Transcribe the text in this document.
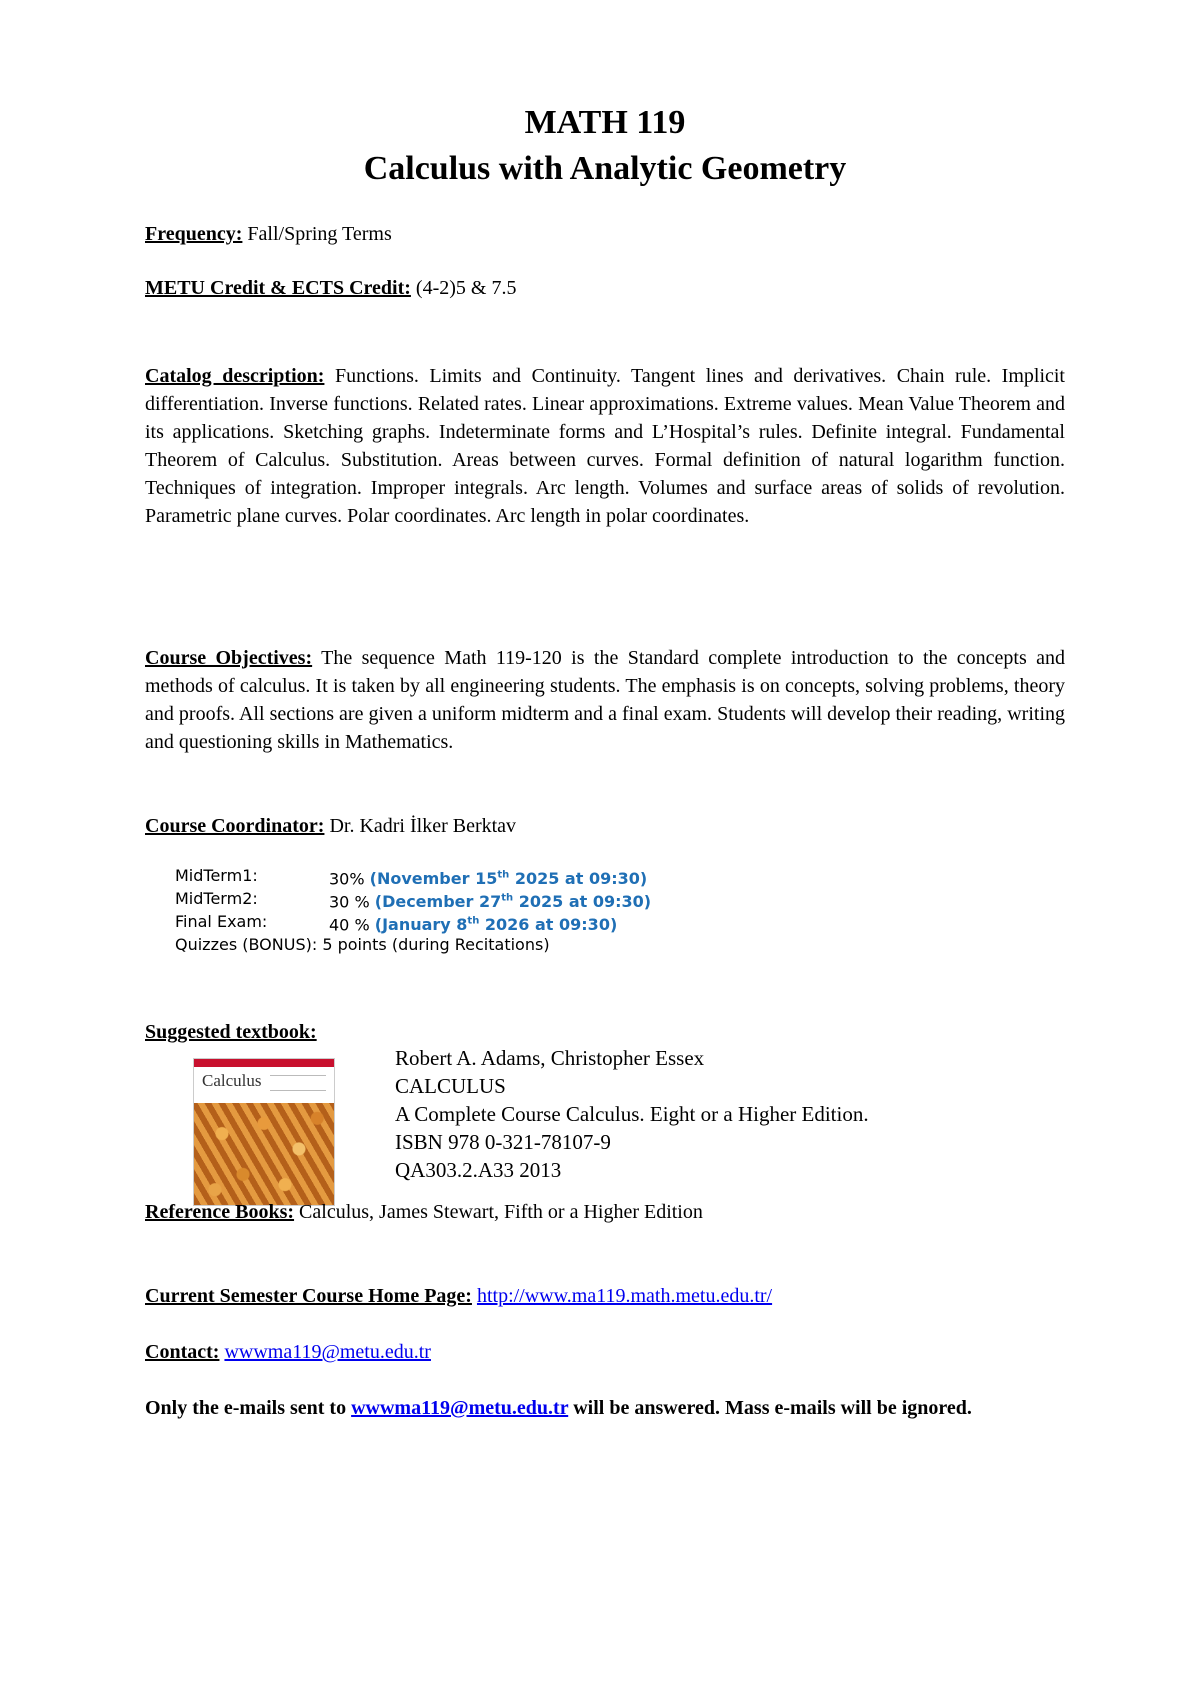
MATH 119
Calculus with Analytic Geometry
Frequency: Fall/Spring Terms
METU Credit & ECTS Credit: (4-2)5 & 7.5
Catalog description: Functions. Limits and Continuity. Tangent lines and derivatives. Chain rule. Implicit differentiation. Inverse functions. Related rates. Linear approximations. Extreme values. Mean Value Theorem and its applications. Sketching graphs. Indeterminate forms and L’Hospital’s rules. Definite integral. Fundamental Theorem of Calculus. Substitution. Areas between curves. Formal definition of natural logarithm function. Techniques of integration. Improper integrals. Arc length. Volumes and surface areas of solids of revolution. Parametric plane curves. Polar coordinates. Arc length in polar coordinates.
Course Objectives: The sequence Math 119-120 is the Standard complete introduction to the concepts and methods of calculus. It is taken by all engineering students. The emphasis is on concepts, solving problems, theory and proofs. All sections are given a uniform midterm and a final exam. Students will develop their reading, writing and questioning skills in Mathematics.
Course Coordinator: Dr. Kadri İlker Berktav
MidTerm1:	30% (November 15th 2025 at 09:30)
MidTerm2:	30 % (December 27th 2025 at 09:30)
Final Exam:	40 % (January 8th 2026 at 09:30)
Quizzes (BONUS): 5 points (during Recitations)
Suggested textbook:
Calculus
Robert A. Adams, Christopher Essex
CALCULUS
A Complete Course Calculus. Eight or a Higher Edition.
ISBN 978 0-321-78107-9
QA303.2.A33 2013
Reference Books: Calculus, James Stewart, Fifth or a Higher Edition
Current Semester Course Home Page: http://www.ma119.math.metu.edu.tr/
Contact: wwwma119@metu.edu.tr
Only the e-mails sent to wwwma119@metu.edu.tr will be answered. Mass e-mails will be ignored.
